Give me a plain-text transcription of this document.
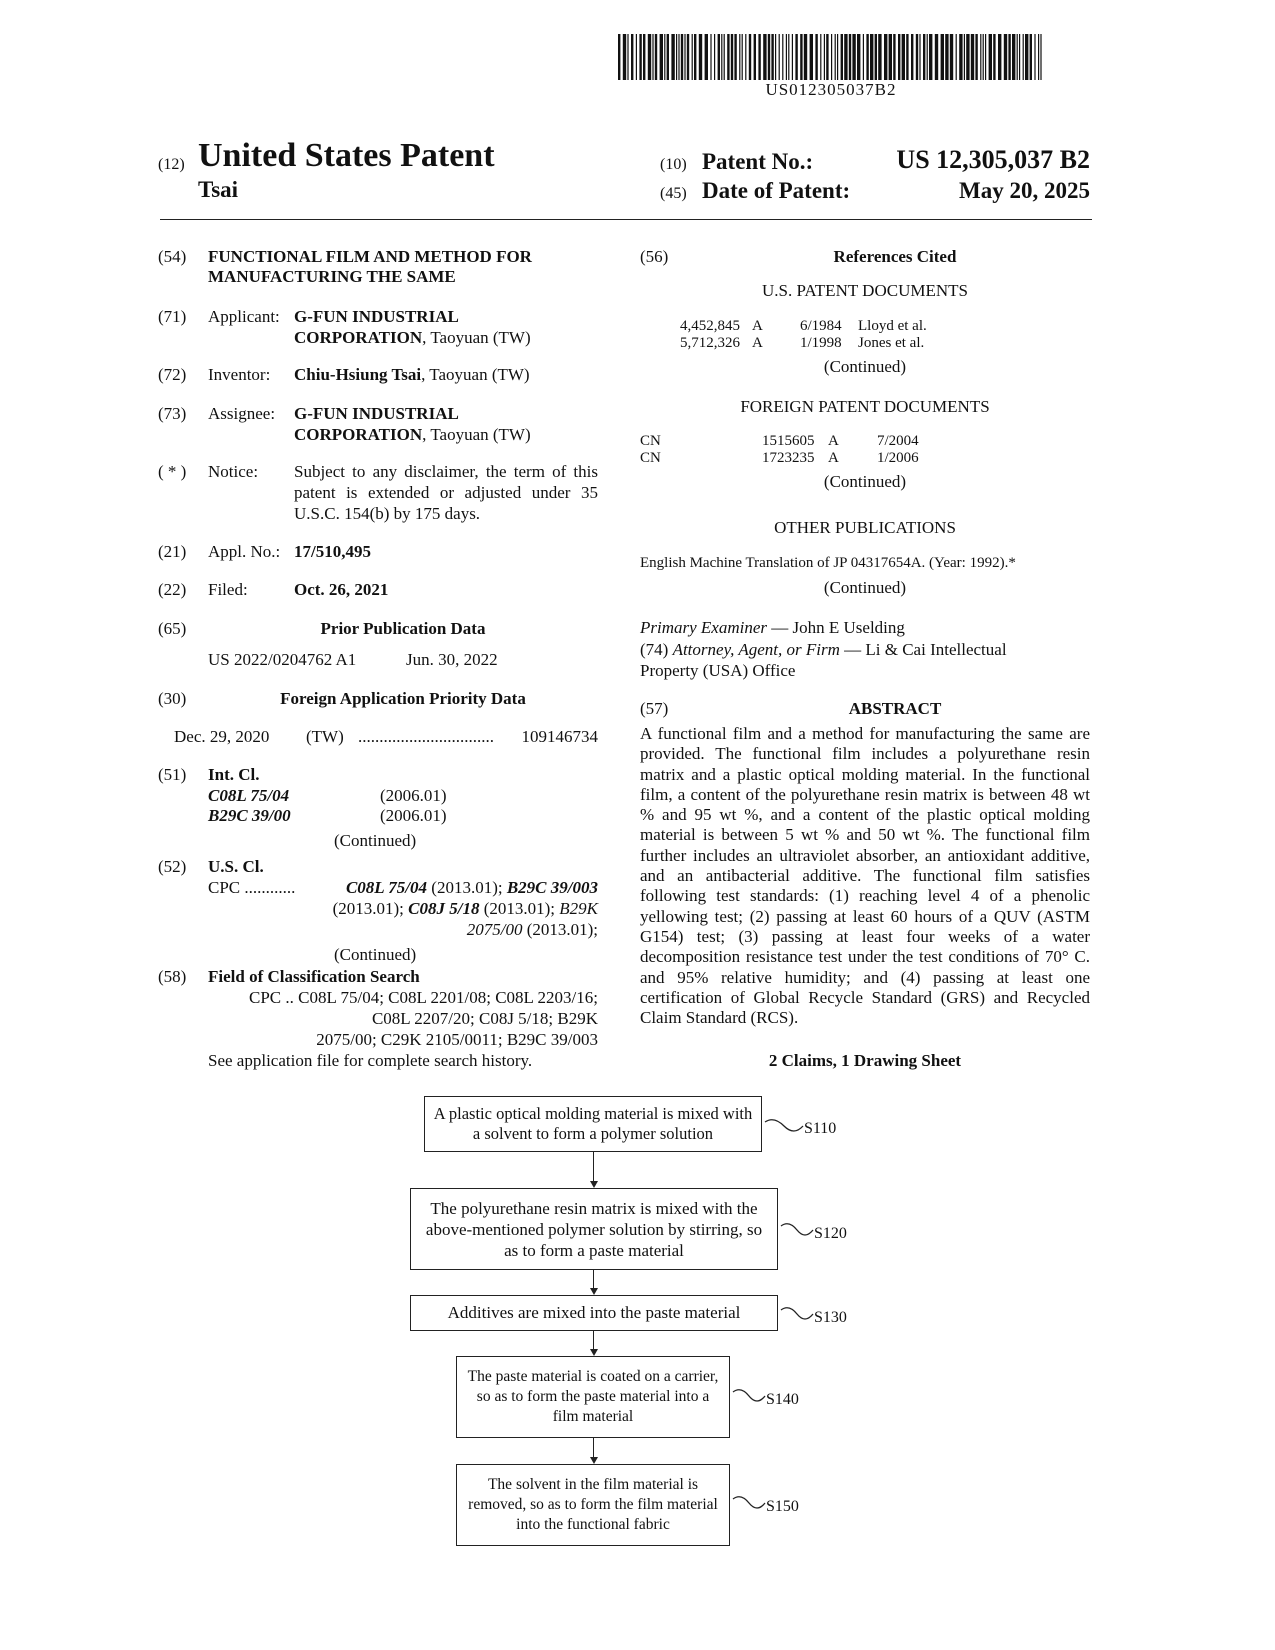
US012305037B2
(12) United States Patent
Tsai
(10) Patent No.:	US 12,305,037 B2
(45) Date of Patent:	May 20, 2025
(54) FUNCTIONAL FILM AND METHOD FOR
MANUFACTURING THE SAME
(71) Applicant: G-FUN INDUSTRIAL
CORPORATION, Taoyuan (TW)
(72) Inventor: Chiu-Hsiung Tsai, Taoyuan (TW)
(73) Assignee: G-FUN INDUSTRIAL
CORPORATION, Taoyuan (TW)
( * ) Notice: Subject to any disclaimer, the term of this
patent is extended or adjusted under 35
U.S.C. 154(b) by 175 days.
(21) Appl. No.: 17/510,495
(22) Filed:	Oct. 26, 2021
(65)	Prior Publication Data
US 2022/0204762 A1	Jun. 30, 2022
(30)	Foreign Application Priority Data
Dec. 29, 2020 (TW) ................................	109146734
(51) Int. Cl.
C08L 75/04	(2006.01)
B29C 39/00	(2006.01)
(Continued)
(52) U.S. Cl.
CPC ............	C08L 75/04 (2013.01); B29C 39/003
(2013.01); C08J 5/18 (2013.01); B29K
2075/00 (2013.01);
(Continued)
(58) Field of Classification Search
CPC .. C08L 75/04; C08L 2201/08; C08L 2203/16;
C08L 2207/20; C08J 5/18; B29K
2075/00; C29K 2105/0011; B29C 39/003
See application file for complete search history.
(56)	References Cited
U.S. PATENT DOCUMENTS
4,452,845 A 6/1984 Lloyd et al.
5,712,326 A 1/1998 Jones et al.
(Continued)
FOREIGN PATENT DOCUMENTS
CN	1515605 A	7/2004
CN	1723235 A	1/2006
(Continued)
OTHER PUBLICATIONS
English Machine Translation of JP 04317654A. (Year: 1992).*
(Continued)
Primary Examiner — John E Uselding
(74) Attorney, Agent, or Firm — Li & Cai Intellectual
Property (USA) Office
(57)	ABSTRACT
A functional film and a method for manufacturing the same are provided. The functional film includes a polyurethane resin matrix and a plastic optical molding material. In the functional film, a content of the polyurethane resin matrix is between 48 wt % and 95 wt %, and a content of the plastic optical molding material is between 5 wt % and 50 wt %. The functional film further includes an ultraviolet absorber, an antioxidant additive, and an antibacterial additive. The functional film satisfies following test standards: (1) reaching level 4 of a phenolic yellowing test; (2) passing at least 60 hours of a QUV (ASTM G154) test; (3) passing at least four weeks of a water decomposition resistance test under the test conditions of 70° C. and 95% relative humidity; and (4) passing at least one certification of Global Recycle Standard (GRS) and Recycled Claim Standard (RCS).
2 Claims, 1 Drawing Sheet
A plastic optical molding material is mixed with a solvent to form a polymer solution
The polyurethane resin matrix is mixed with the above-mentioned polymer solution by stirring, so as to form a paste material
Additives are mixed into the paste material
The paste material is coated on a carrier, so as to form the paste material into a film material
The solvent in the film material is removed, so as to form the film material into the functional fabric
S110
S120
S130
S140
S150
